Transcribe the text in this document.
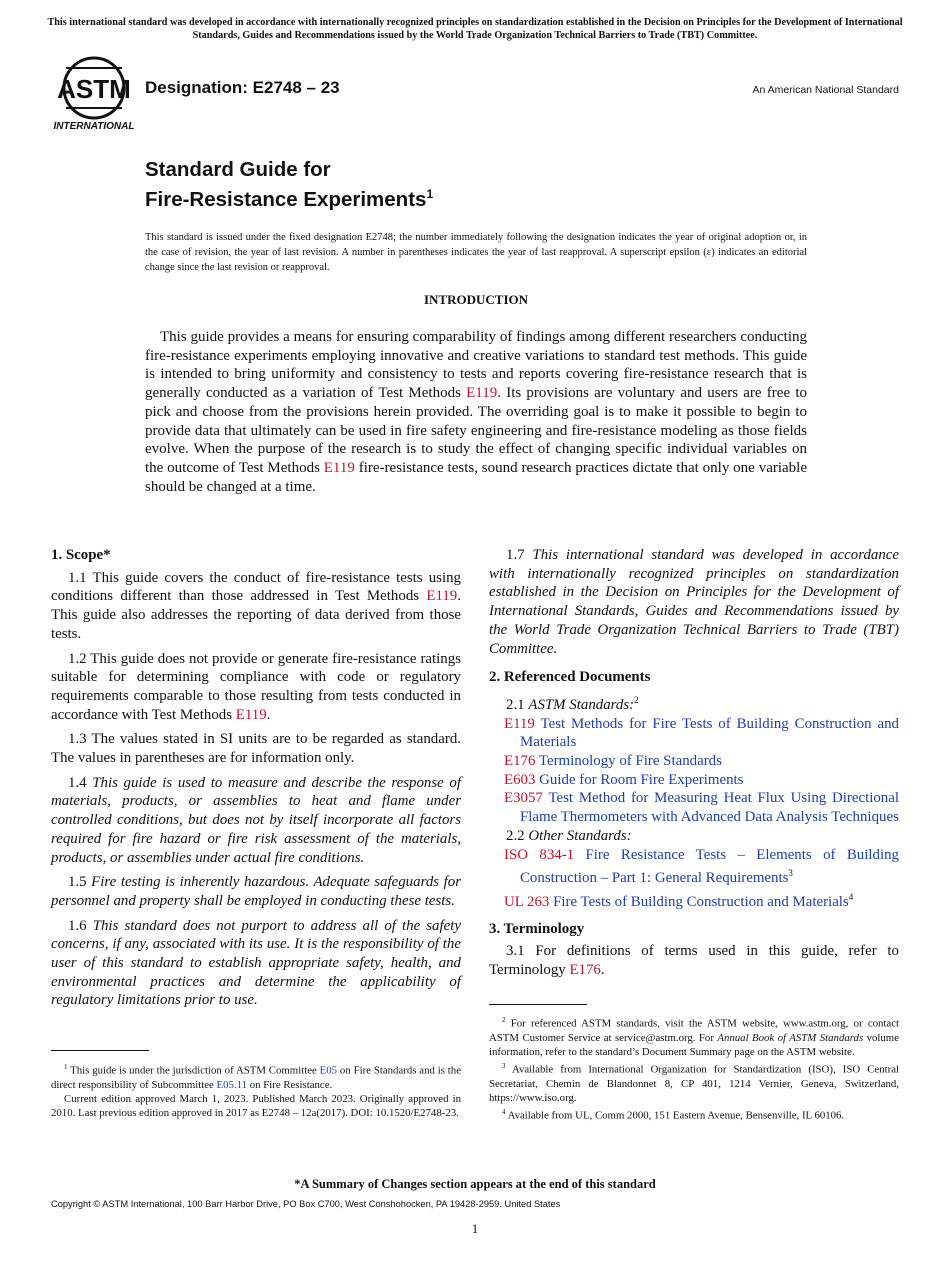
This international standard was developed in accordance with internationally recognized principles on standardization established in the Decision on Principles for the Development of International Standards, Guides and Recommendations issued by the World Trade Organization Technical Barriers to Trade (TBT) Committee.
ASTM
INTERNATIONAL
Designation: E2748 – 23	An American National Standard
Standard Guide for
Fire-Resistance Experiments$^1$
This standard is issued under the fixed designation E2748; the number immediately following the designation indicates the year of original adoption or, in the case of revision, the year of last revision. A number in parentheses indicates the year of last reapproval. A superscript epsilon (ε) indicates an editorial change since the last revision or reapproval.
INTRODUCTION
This guide provides a means for ensuring comparability of findings among different researchers conducting fire-resistance experiments employing innovative and creative variations to standard test methods. This guide is intended to bring uniformity and consistency to tests and reports covering fire-resistance research that is generally conducted as a variation of Test Methods E119. Its provisions are voluntary and users are free to pick and choose from the provisions herein provided. The overriding goal is to make it possible to begin to provide data that ultimately can be used in fire safety engineering and fire-resistance modeling as those fields evolve. When the purpose of the research is to study the effect of changing specific individual variables on the outcome of Test Methods E119 fire-resistance tests, sound research practices dictate that only one variable should be changed at a time.
1. Scope*

1.1 This guide covers the conduct of fire-resistance tests using conditions different than those addressed in Test Methods E119. This guide also addresses the reporting of data derived from those tests.

1.2 This guide does not provide or generate fire-resistance ratings suitable for determining compliance with code or regulatory requirements comparable to those resulting from tests conducted in accordance with Test Methods E119.

1.3 The values stated in SI units are to be regarded as standard. The values in parentheses are for information only.

1.4 This guide is used to measure and describe the response of materials, products, or assemblies to heat and flame under controlled conditions, but does not by itself incorporate all factors required for fire hazard or fire risk assessment of the materials, products, or assemblies under actual fire conditions.

1.5 Fire testing is inherently hazardous. Adequate safeguards for personnel and property shall be employed in conducting these tests.

1.6 This standard does not purport to address all of the safety concerns, if any, associated with its use. It is the responsibility of the user of this standard to establish appropriate safety, health, and environmental practices and determine the applicability of regulatory limitations prior to use.

$^1$ This guide is under the jurisdiction of ASTM Committee E05 on Fire Standards and is the direct responsibility of Subcommittee E05.11 on Fire Resistance.

Current edition approved March 1, 2023. Published March 2023. Originally approved in 2010. Last previous edition approved in 2017 as E2748 – 12a(2017). DOI: 10.1520/E2748-23.

1.7 This international standard was developed in accordance with internationally recognized principles on standardization established in the Decision on Principles for the Development of International Standards, Guides and Recommendations issued by the World Trade Organization Technical Barriers to Trade (TBT) Committee.

2. Referenced Documents

2.1 ASTM Standards:$^2$

E119 Test Methods for Fire Tests of Building Construction and Materials
E176 Terminology of Fire Standards
E603 Guide for Room Fire Experiments
E3057 Test Method for Measuring Heat Flux Using Directional Flame Thermometers with Advanced Data Analysis Techniques

2.2 Other Standards:

ISO 834-1 Fire Resistance Tests – Elements of Building Construction – Part 1: General Requirements$^3$
UL 263 Fire Tests of Building Construction and Materials$^4$
3. Terminology

3.1 For definitions of terms used in this guide, refer to Terminology E176.

$^2$ For referenced ASTM standards, visit the ASTM website, www.astm.org, or contact ASTM Customer Service at service@astm.org. For Annual Book of ASTM Standards volume information, refer to the standard’s Document Summary page on the ASTM website.

$^3$ Available from International Organization for Standardization (ISO), ISO Central Secretariat, Chemin de Blandonnet 8, CP 401, 1214 Vernier, Geneva, Switzerland, https://www.iso.org.

$^4$ Available from UL, Comm 2000, 151 Eastern Avenue, Bensenville, IL 60106.

*A Summary of Changes section appears at the end of this standard
Copyright © ASTM International, 100 Barr Harbor Drive, PO Box C700, West Conshohocken, PA 19428-2959. United States
1
